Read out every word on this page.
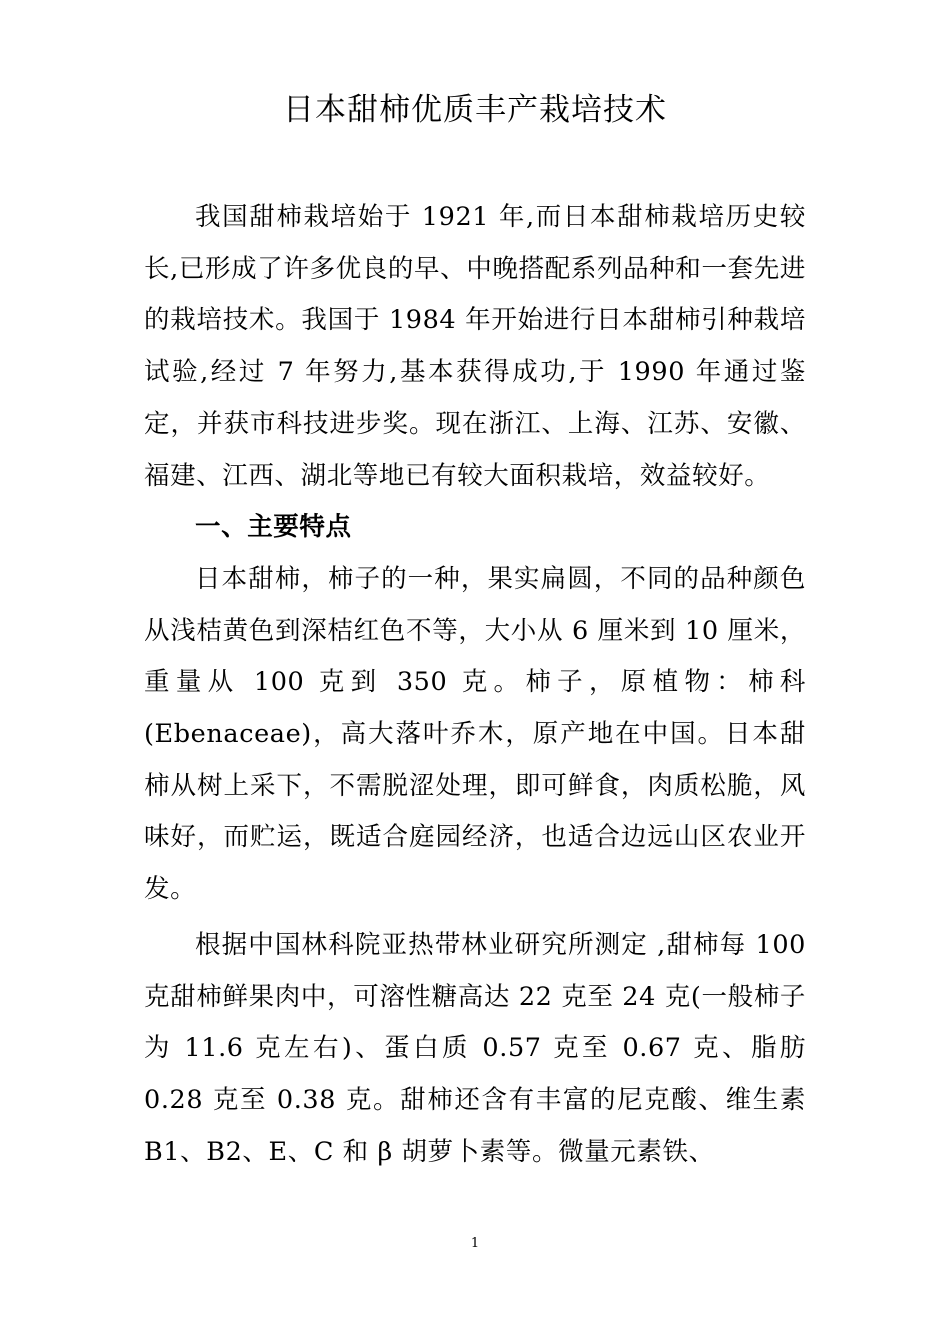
日本甜柿优质丰产栽培技术

我国甜柿栽培始于 1921 年,而日本甜柿栽培历史较长,已形成了许多优良的早、中晚搭配系列品种和一套先进的栽培技术。我国于 1984 年开始进行日本甜柿引种栽培试验,经过 7 年努力,基本获得成功,于 1990 年通过鉴定，并获市科技进步奖。现在浙江、上海、江苏、安徽、福建、江西、湖北等地已有较大面积栽培，效益较好。

一、主要特点

日本甜柿，柿子的一种，果实扁圆，不同的品种颜色从浅桔黄色到深桔红色不等，大小从 6 厘米到 10 厘米，重量从 100 克到 350 克。柿子，原植物：柿科(Ebenaceae)，高大落叶乔木，原产地在中国。日本甜柿从树上采下，不需脱涩处理，即可鲜食，肉质松脆，风味好，而贮运，既适合庭园经济，也适合边远山区农业开发。

根据中国林科院亚热带林业研究所测定 ,甜柿每 100 克甜柿鲜果肉中，可溶性糖高达 22 克至 24 克(一般柿子为 11.6 克左右)、蛋白质 0.57 克至 0.67 克、脂肪 0.28 克至 0.38 克。甜柿还含有丰富的尼克酸、维生素 B1、B2、E、C 和 β 胡萝卜素等。微量元素铁、

1
